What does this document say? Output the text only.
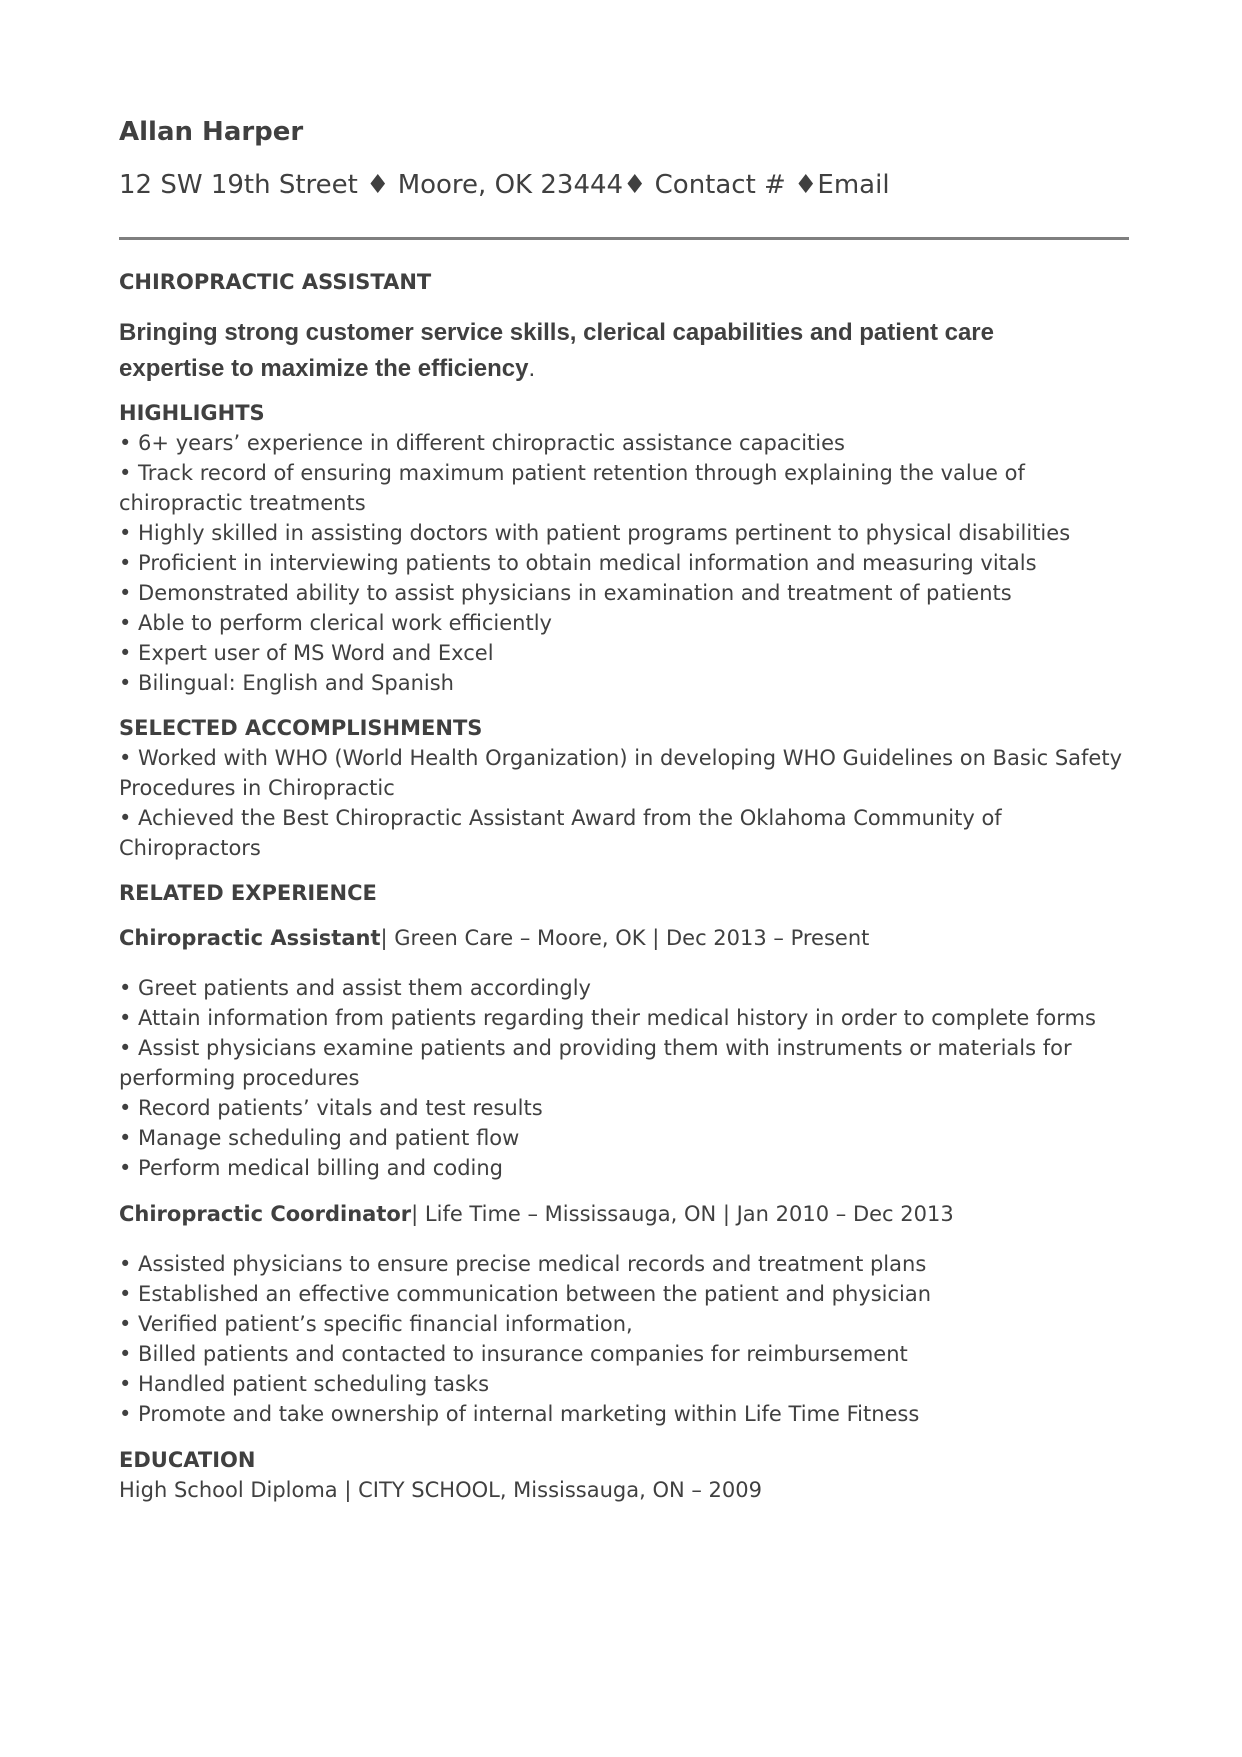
Allan Harper
12 SW 19th Street ♦ Moore, OK 23444♦ Contact # ♦Email
CHIROPRACTIC ASSISTANT
Bringing strong customer service skills, clerical capabilities and patient care expertise to maximize the efficiency.
HIGHLIGHTS
• 6+ years’ experience in different chiropractic assistance capacities
• Track record of ensuring maximum patient retention through explaining the value of chiropractic treatments
• Highly skilled in assisting doctors with patient programs pertinent to physical disabilities
• Proficient in interviewing patients to obtain medical information and measuring vitals
• Demonstrated ability to assist physicians in examination and treatment of patients
• Able to perform clerical work efficiently
• Expert user of MS Word and Excel
• Bilingual: English and Spanish
SELECTED ACCOMPLISHMENTS
• Worked with WHO (World Health Organization) in developing WHO Guidelines on Basic Safety Procedures in Chiropractic
• Achieved the Best Chiropractic Assistant Award from the Oklahoma Community of Chiropractors
RELATED EXPERIENCE
Chiropractic Assistant| Green Care – Moore, OK | Dec 2013 – Present
• Greet patients and assist them accordingly
• Attain information from patients regarding their medical history in order to complete forms
• Assist physicians examine patients and providing them with instruments or materials for performing procedures
• Record patients’ vitals and test results
• Manage scheduling and patient flow
• Perform medical billing and coding
Chiropractic Coordinator| Life Time – Mississauga, ON | Jan 2010 – Dec 2013
• Assisted physicians to ensure precise medical records and treatment plans
• Established an effective communication between the patient and physician
• Verified patient’s specific financial information,
• Billed patients and contacted to insurance companies for reimbursement
• Handled patient scheduling tasks
• Promote and take ownership of internal marketing within Life Time Fitness
EDUCATION
High School Diploma | CITY SCHOOL, Mississauga, ON – 2009
